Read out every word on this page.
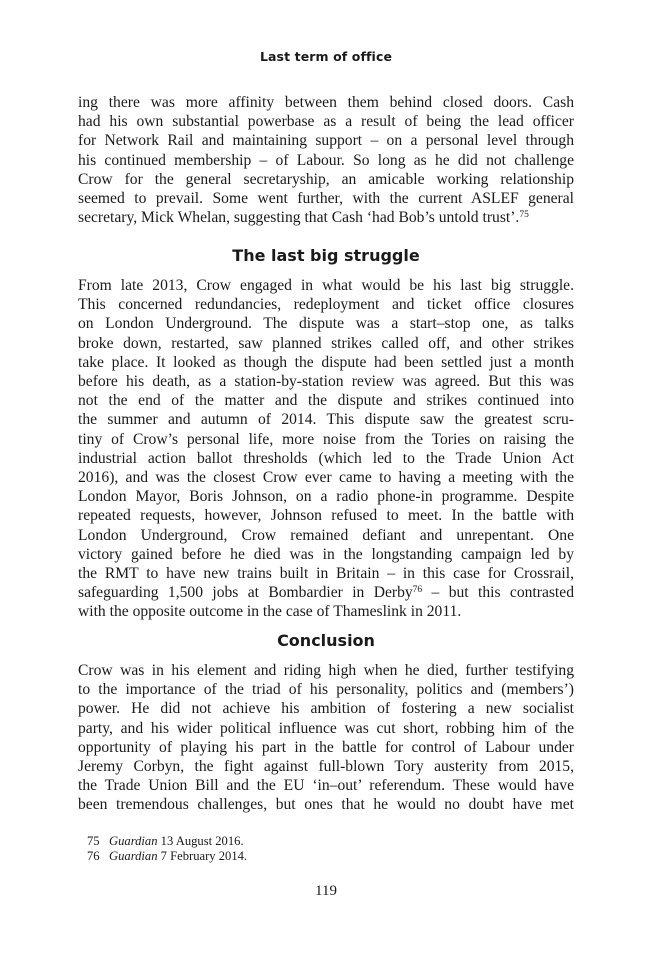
Last term of office

ing there was more affinity between them behind closed doors. Cash

had his own substantial powerbase as a result of being the lead officer

for Network Rail and maintaining support – on a personal level through

his continued membership – of Labour. So long as he did not challenge

Crow for the general secretaryship, an amicable working relationship

seemed to prevail. Some went further, with the current ASLEF general

secretary, Mick Whelan, suggesting that Cash ‘had Bob’s untold trust’.$^{75}$

The last big struggle

From late 2013, Crow engaged in what would be his last big struggle.

This concerned redundancies, redeployment and ticket office closures

on London Underground. The dispute was a start–stop one, as talks

broke down, restarted, saw planned strikes called off, and other strikes

take place. It looked as though the dispute had been settled just a month

before his death, as a station-by-station review was agreed. But this was

not the end of the matter and the dispute and strikes continued into

the summer and autumn of 2014. This dispute saw the greatest scru-

tiny of Crow’s personal life, more noise from the Tories on raising the

industrial action ballot thresholds (which led to the Trade Union Act

2016), and was the closest Crow ever came to having a meeting with the

London Mayor, Boris Johnson, on a radio phone-in programme. Despite

repeated requests, however, Johnson refused to meet. In the battle with

London Underground, Crow remained defiant and unrepentant. One

victory gained before he died was in the longstanding campaign led by

the RMT to have new trains built in Britain – in this case for Crossrail,

safeguarding 1,500 jobs at Bombardier in Derby$^{76}$ – but this contrasted

with the opposite outcome in the case of Thameslink in 2011.

Conclusion

Crow was in his element and riding high when he died, further testifying

to the importance of the triad of his personality, politics and (members’)

power. He did not achieve his ambition of fostering a new socialist

party, and his wider political influence was cut short, robbing him of the

opportunity of playing his part in the battle for control of Labour under

Jeremy Corbyn, the fight against full-blown Tory austerity from 2015,

the Trade Union Bill and the EU ‘in–out’ referendum. These would have

been tremendous challenges, but ones that he would no doubt have met

75 Guardian 13 August 2016.
76 Guardian 7 February 2014.
119
